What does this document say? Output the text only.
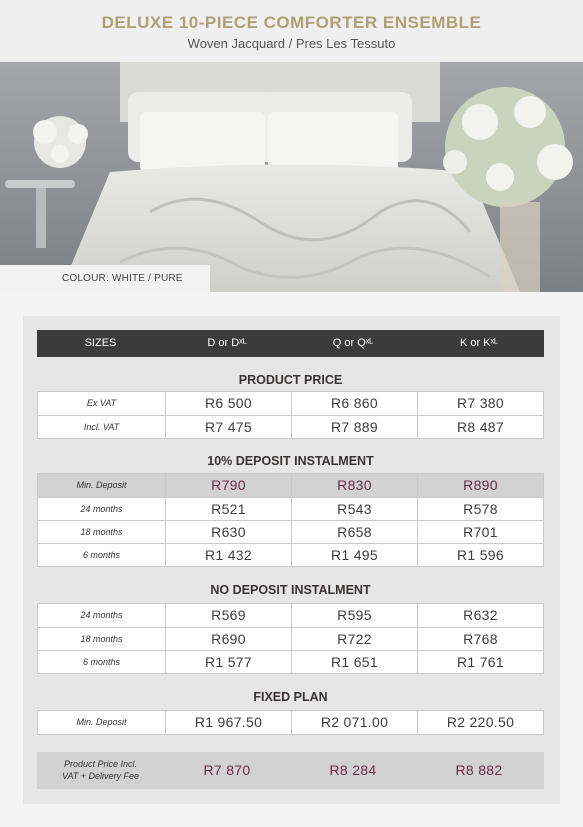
DELUXE 10-PIECE COMFORTER ENSEMBLE
Woven Jacquard / Pres Les Tessuto
COLOUR: WHITE / PURE
SIZES	D or Dˣᴸ	Q or Qˣᴸ	K or Kˣᴸ
PRODUCT PRICE
Ex VAT	R6 500	R6 860	R7 380
Incl. VAT	R7 475	R7 889	R8 487
10% DEPOSIT INSTALMENT
Min. Deposit	R790	R830	R890
24 months	R521	R543	R578
18 months	R630	R658	R701
6 months	R1 432	R1 495	R1 596
NO DEPOSIT INSTALMENT
24 months	R569	R595	R632
18 months	R690	R722	R768
6 months	R1 577	R1 651	R1 761
FIXED PLAN
Min. Deposit	R1 967.50	R2 071.00	R2 220.50
Product Price Incl.
VAT + Delivery Fee	R7 870	R8 284	R8 882
